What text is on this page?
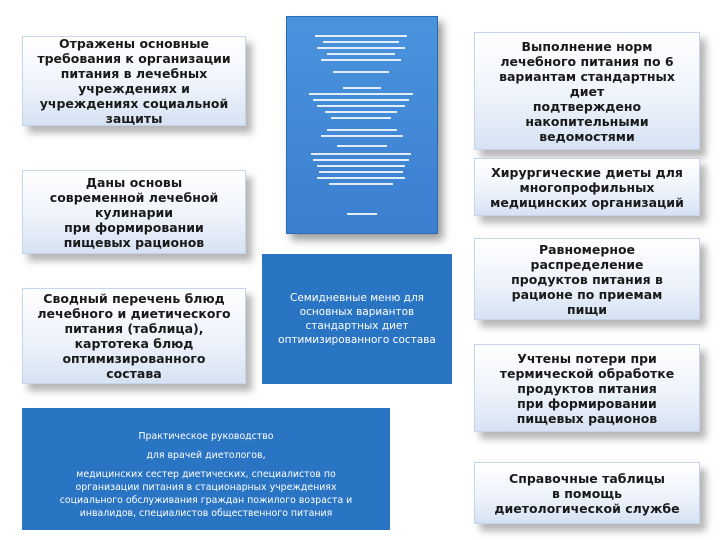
Отражены основные
требования к организации
питания в лечебных
учреждениях и
учреждениях социальной
защиты
Даны основы
современной лечебной
кулинарии
при формировании
пищевых рационов
Сводный перечень блюд
лечебного и диетического
питания (таблица),
картотека блюд
оптимизированного
состава
Семидневные меню для
основных вариантов
стандартных диет
оптимизированного состава
Практическое руководство
для врачей диетологов,
медицинских сестер диетических, специалистов по
организации питания в стационарных учреждениях
социального обслуживания граждан пожилого возраста и
инвалидов, специалистов общественного питания
Выполнение норм
лечебного питания по 6
вариантам стандартных
диет
подтверждено
накопительными
ведомостями
Хирургические диеты для
многопрофильных
медицинских организаций
Равномерное
распределение
продуктов питания в
рационе по приемам
пищи
Учтены потери при
термической обработке
продуктов питания
при формировании
пищевых рационов
Справочные таблицы
в помощь
диетологической службе
